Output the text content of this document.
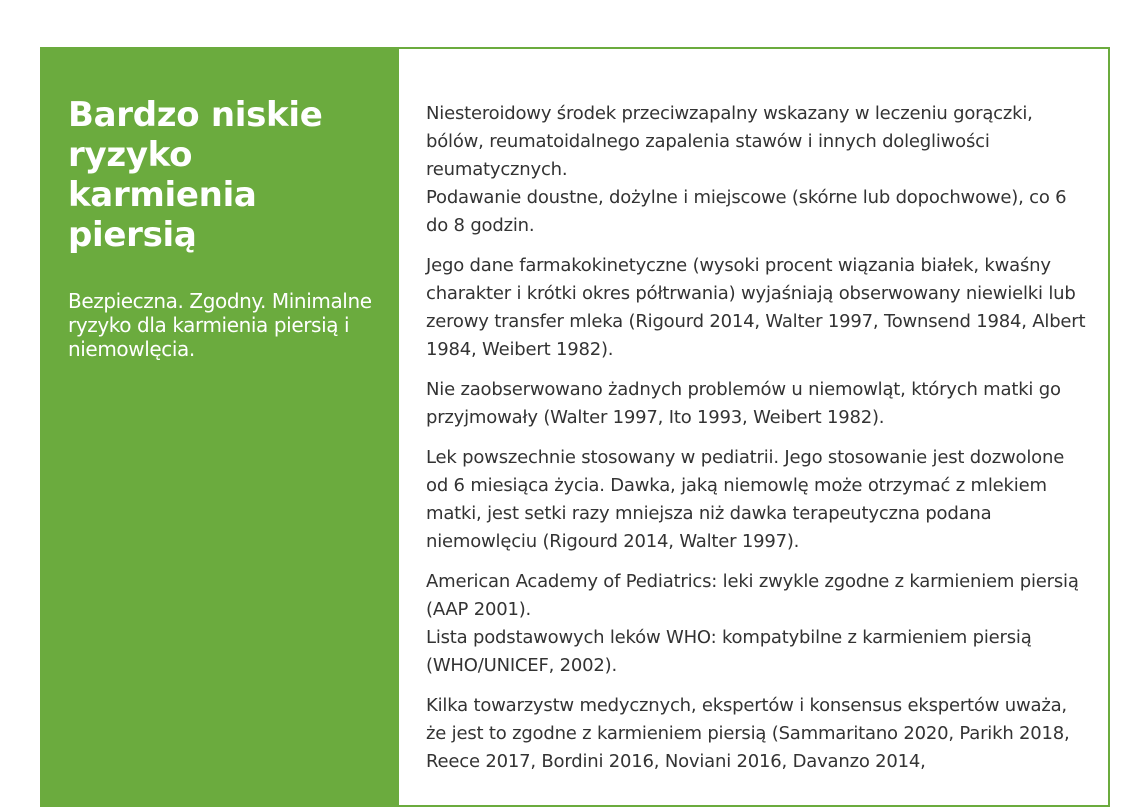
Bardzo niskie ryzyko karmienia piersią

Bezpieczna. Zgodny. Minimalne ryzyko dla karmienia piersią i niemowlęcia.

Niesteroidowy środek przeciwzapalny wskazany w leczeniu gorączki, bólów, reumatoidalnego zapalenia stawów i innych dolegliwości reumatycznych.
Podawanie doustne, dożylne i miejscowe (skórne lub dopochwowe), co 6 do 8 godzin.

Jego dane farmakokinetyczne (wysoki procent wiązania białek, kwaśny charakter i krótki okres półtrwania) wyjaśniają obserwowany niewielki lub zerowy transfer mleka (Rigourd 2014, Walter 1997, Townsend 1984, Albert 1984, Weibert 1982).

Nie zaobserwowano żadnych problemów u niemowląt, których matki go przyjmowały (Walter 1997, Ito 1993, Weibert 1982).

Lek powszechnie stosowany w pediatrii. Jego stosowanie jest dozwolone od 6 miesiąca życia. Dawka, jaką niemowlę może otrzymać z mlekiem matki, jest setki razy mniejsza niż dawka terapeutyczna podana niemowlęciu (Rigourd 2014, Walter 1997).

American Academy of Pediatrics: leki zwykle zgodne z karmieniem piersią (AAP 2001).
Lista podstawowych leków WHO: kompatybilne z karmieniem piersią (WHO/UNICEF, 2002).

Kilka towarzystw medycznych, ekspertów i konsensus ekspertów uważa, że jest to zgodne z karmieniem piersią (Sammaritano 2020, Parikh 2018, Reece 2017, Bordini 2016, Noviani 2016, Davanzo 2014,
